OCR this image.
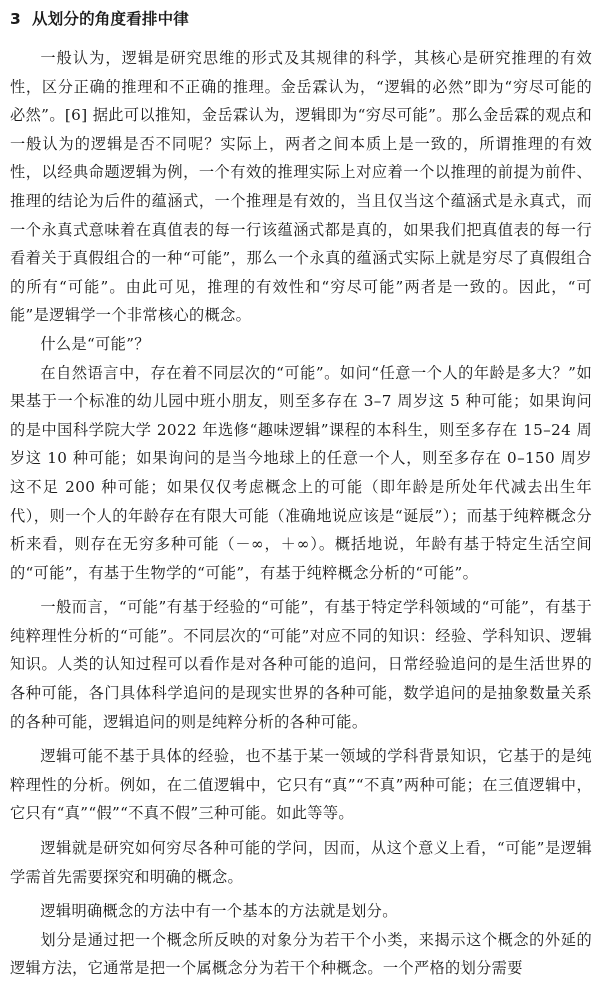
3 从划分的角度看排中律

一般认为，逻辑是研究思维的形式及其规律的科学，其核心是研究推理的有效性，区分正确的推理和不正确的推理。金岳霖认为，“逻辑的必然”即为“穷尽可能的必然”。[6] 据此可以推知，金岳霖认为，逻辑即为“穷尽可能”。那么金岳霖的观点和一般认为的逻辑是否不同呢？实际上，两者之间本质上是一致的，所谓推理的有效性，以经典命题逻辑为例，一个有效的推理实际上对应着一个以推理的前提为前件、推理的结论为后件的蕴涵式，一个推理是有效的，当且仅当这个蕴涵式是永真式，而一个永真式意味着在真值表的每一行该蕴涵式都是真的，如果我们把真值表的每一行看着关于真假组合的一种“可能”，那么一个永真的蕴涵式实际上就是穷尽了真假组合的所有“可能”。由此可见，推理的有效性和“穷尽可能”两者是一致的。因此，“可能”是逻辑学一个非常核心的概念。

什么是“可能”？

在自然语言中，存在着不同层次的“可能”。如问“任意一个人的年龄是多大？”如果基于一个标准的幼儿园中班小朋友，则至多存在 3–7 周岁这 5 种可能；如果询问的是中国科学院大学 2022 年选修“趣味逻辑”课程的本科生，则至多存在 15–24 周岁这 10 种可能；如果询问的是当今地球上的任意一个人，则至多存在 0–150 周岁这不足 200 种可能；如果仅仅考虑概念上的可能（即年龄是所处年代减去出生年代），则一个人的年龄存在有限大可能（准确地说应该是“诞辰”）；而基于纯粹概念分析来看，则存在无穷多种可能（－∞，＋∞）。概括地说，年龄有基于特定生活空间的“可能”，有基于生物学的“可能”，有基于纯粹概念分析的“可能”。

一般而言，“可能”有基于经验的“可能”，有基于特定学科领域的“可能”，有基于纯粹理性分析的“可能”。不同层次的“可能”对应不同的知识：经验、学科知识、逻辑知识。人类的认知过程可以看作是对各种可能的追问，日常经验追问的是生活世界的各种可能，各门具体科学追问的是现实世界的各种可能，数学追问的是抽象数量关系的各种可能，逻辑追问的则是纯粹分析的各种可能。

逻辑可能不基于具体的经验，也不基于某一领域的学科背景知识，它基于的是纯粹理性的分析。例如，在二值逻辑中，它只有“真”“不真”两种可能；在三值逻辑中，它只有“真”“假”“不真不假”三种可能。如此等等。

逻辑就是研究如何穷尽各种可能的学问，因而，从这个意义上看，“可能”是逻辑学需首先需要探究和明确的概念。

逻辑明确概念的方法中有一个基本的方法就是划分。

划分是通过把一个概念所反映的对象分为若干个小类，来揭示这个概念的外延的逻辑方法，它通常是把一个属概念分为若干个种概念。一个严格的划分需要
